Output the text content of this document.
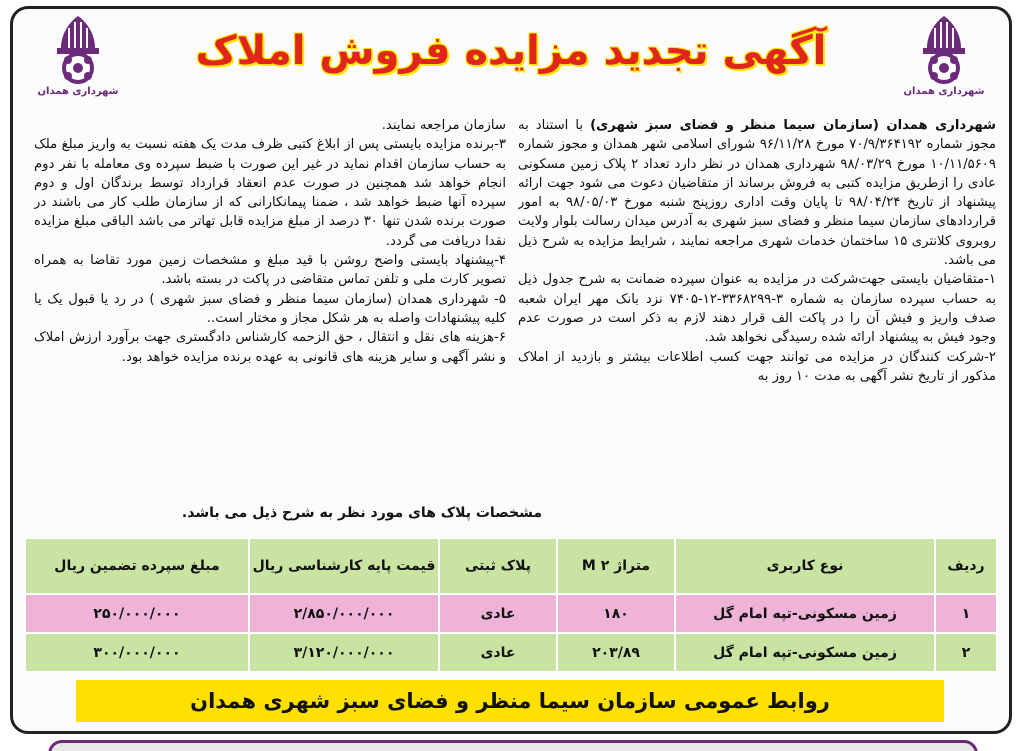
شهرداری همدان
شهرداری همدان
آگهی تجدید مزایده فروش املاک

شهرداری همدان (سازمان سیما منظر و فضای سبز شهری) با استناد به مجوز شماره ۷۰/۹/۳۶۴۱۹۲ مورخ ۹۶/۱۱/۲۸ شورای اسلامی شهر همدان و مجوز شماره ۱۰/۱۱/۵۶۰۹ مورخ ۹۸/۰۳/۲۹ شهرداری همدان در نظر دارد تعداد ۲ پلاک زمین مسکونی عادی را ازطریق مزایده کتبی به فروش برساند از متقاضیان دعوت می شود جهت ارائه پیشنهاد از تاریخ ۹۸/۰۴/۲۴ تا پایان وقت اداری روزپنج شنبه مورخ ۹۸/۰۵/۰۳ به امور قراردادهای سازمان سیما منظر و فضای سبز شهری به آدرس میدان رسالت بلوار ولایت روبروی کلانتری ۱۵ ساختمان خدمات شهری مراجعه نمایند ، شرایط مزایده به شرح ذیل می باشد.

۱-متقاضیان بایستی جهت‌شرکت در مزایده به عنوان سپرده ضمانت به شرح جدول ذیل به حساب سپرده سازمان به شماره ۳-۳۳۶۸۲۹۹-۱۲-۷۴۰۵ نزد بانک مهر ایران شعبه صدف واریز و فیش آن را در پاکت الف قرار دهند لازم به ذکر است در صورت عدم وجود فیش به پیشنهاد ارائه شده رسیدگی نخواهد شد.

۲-شرکت کنندگان در مزایده می توانند جهت کسب اطلاعات بیشتر و بازدید از املاک مذکور از تاریخ نشر آگهی به مدت ۱۰ روز به

سازمان مراجعه نمایند.

۳-برنده مزایده بایستی پس از ابلاغ کتبی ظرف مدت یک هفته نسبت به واریز مبلغ ملک به حساب سازمان اقدام نماید در غیر این صورت با ضبط سپرده وی معامله با نفر دوم انجام خواهد شد همچنین در صورت عدم انعقاد قرارداد توسط برندگان اول و دوم سپرده آنها ضبط خواهد شد ، ضمنا پیمانکارانی که از سازمان طلب کار می باشند در صورت برنده شدن تنها ۳۰ درصد از مبلغ مزایده قابل تهاتر می باشد الباقی مبلغ مزایده نقدا دریافت می گردد.

۴-پیشنهاد بایستی واضح روشن با قید مبلغ و مشخصات زمین مورد تقاضا به همراه تصویر کارت ملی و تلفن تماس متقاضی در پاکت در بسته باشد.

۵- شهرداری همدان (سازمان سیما منظر و فضای سبز شهری ) در رد یا قبول یک یا کلیه پیشنهادات واصله به هر شکل مجاز و مختار است..

۶-هزینه های نقل و انتقال ، حق الزحمه کارشناس دادگستری جهت برآورد ارزش املاک و نشر آگهی و سایر هزینه های قانونی به عهده برنده مزایده خواهد بود.

مشخصات پلاک های مورد نظر به شرح ذیل می باشد.
ردیف	نوع کاربری	متراژ M ۲	پلاک ثبتی	قیمت پایه کارشناسی ریال	مبلغ سپرده تضمین ریال
۱	زمین مسکونی-تپه امام گل	۱۸۰	عادی	۲/۸۵۰/۰۰۰/۰۰۰	۲۵۰/۰۰۰/۰۰۰
۲	زمین مسکونی-تپه امام گل	۲۰۳/۸۹	عادی	۳/۱۲۰/۰۰۰/۰۰۰	۳۰۰/۰۰۰/۰۰۰
روابط عمومی سازمان سیما منظر و فضای سبز شهری همدان
